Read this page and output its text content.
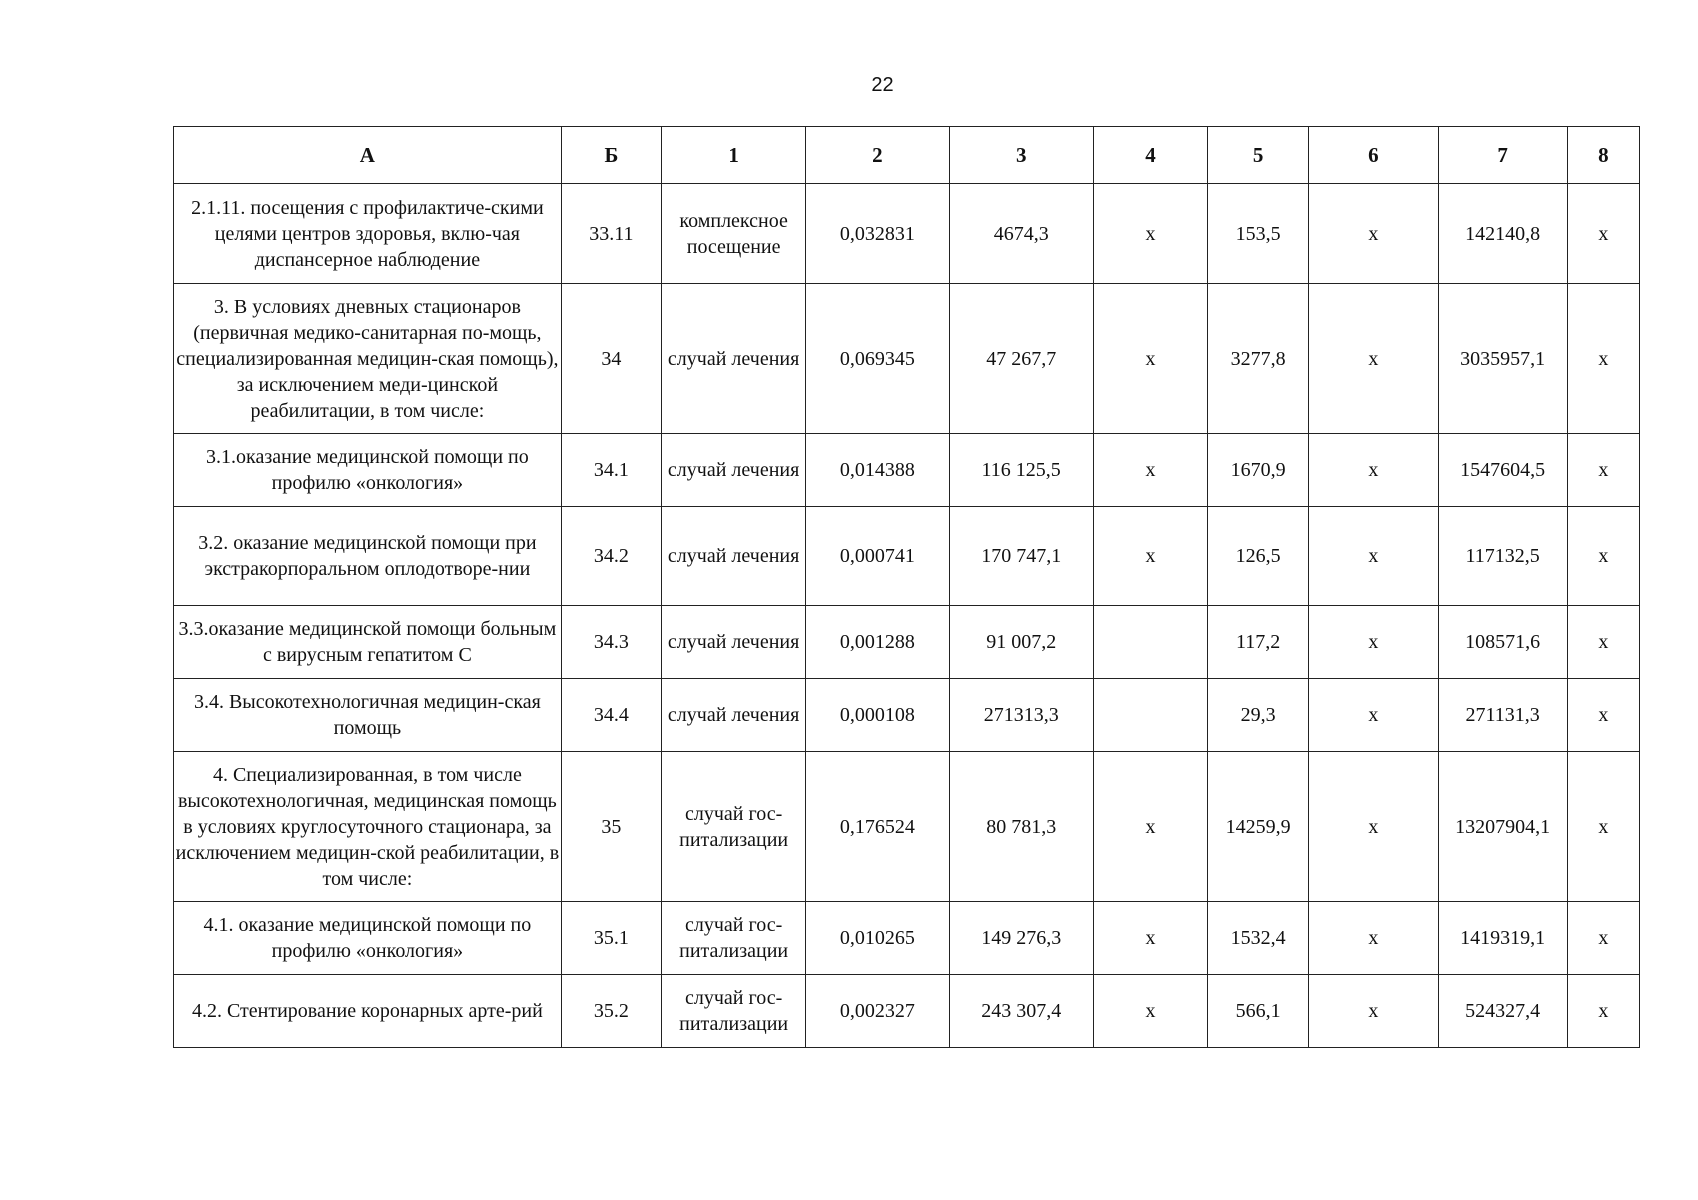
22
А	Б	1	2	3	4	5	6	7	8
2.1.11. посещения с профилактиче-скими целями центров здоровья, вклю-чая диспансерное наблюдение	33.11	комплексное посещение	0,032831	4674,3	х	153,5	х	142140,8	х
3. В условиях дневных стационаров (первичная медико-санитарная по-мощь, специализированная медицин-ская помощь), за исключением меди-цинской реабилитации, в том числе:	34	случай лечения	0,069345	47 267,7	х	3277,8	х	3035957,1	х
3.1.оказание медицинской помощи по профилю «онкология»	34.1	случай лечения	0,014388	116 125,5	х	1670,9	х	1547604,5	х
3.2. оказание медицинской помощи при экстракорпоральном оплодотворе-нии	34.2	случай лечения	0,000741	170 747,1	х	126,5	х	117132,5	х
3.3.оказание медицинской помощи больным с вирусным гепатитом С	34.3	случай лечения	0,001288	91 007,2		117,2	х	108571,6	х
3.4. Высокотехнологичная медицин-ская помощь	34.4	случай лечения	0,000108	271313,3		29,3	х	271131,3	х
4. Специализированная, в том числе высокотехнологичная, медицинская помощь в условиях круглосуточного стационара, за исключением медицин-ской реабилитации, в том числе:	35	случай гос-питализации	0,176524	80 781,3	х	14259,9	х	13207904,1	х
4.1. оказание медицинской помощи по профилю «онкология»	35.1	случай гос-питализации	0,010265	149 276,3	х	1532,4	х	1419319,1	х
4.2. Стентирование коронарных арте-рий	35.2	случай гос-питализации	0,002327	243 307,4	х	566,1	х	524327,4	х
